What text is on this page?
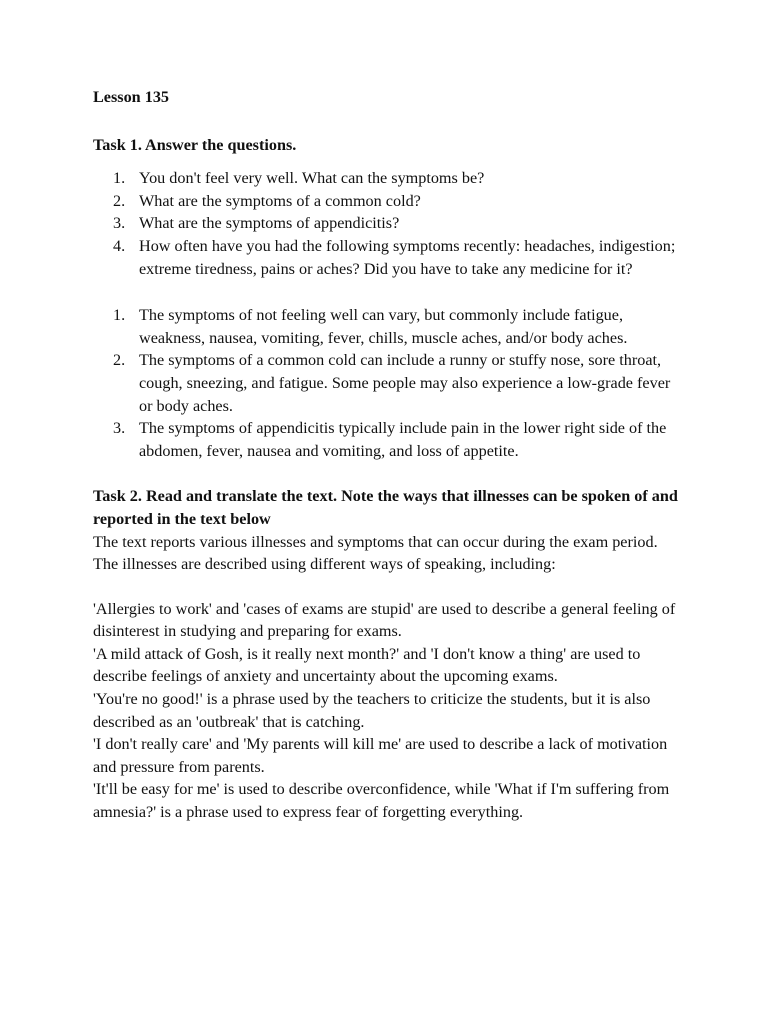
Lesson 135

Task 1. Answer the questions.

1. You don't feel very well. What can the symptoms be?
2. What are the symptoms of a common cold?
3. What are the symptoms of appendicitis?
4. How often have you had the following symptoms recently: headaches, indigestion; extreme tiredness, pains or aches? Did you have to take any medicine for it?
1. The symptoms of not feeling well can vary, but commonly include fatigue, weakness, nausea, vomiting, fever, chills, muscle aches, and/or body aches.
2. The symptoms of a common cold can include a runny or stuffy nose, sore throat, cough, sneezing, and fatigue. Some people may also experience a low-grade fever or body aches.
3. The symptoms of appendicitis typically include pain in the lower right side of the abdomen, fever, nausea and vomiting, and loss of appetite.

Task 2. Read and translate the text. Note the ways that illnesses can be spoken of and reported in the text below

The text reports various illnesses and symptoms that can occur during the exam period. The illnesses are described using different ways of speaking, including:

'Allergies to work' and 'cases of exams are stupid' are used to describe a general feeling of disinterest in studying and preparing for exams.

'A mild attack of Gosh, is it really next month?' and 'I don't know a thing' are used to describe feelings of anxiety and uncertainty about the upcoming exams.

'You're no good!' is a phrase used by the teachers to criticize the students, but it is also described as an 'outbreak' that is catching.

'I don't really care' and 'My parents will kill me' are used to describe a lack of motivation and pressure from parents.

'It'll be easy for me' is used to describe overconfidence, while 'What if I'm suffering from amnesia?' is a phrase used to express fear of forgetting everything.
